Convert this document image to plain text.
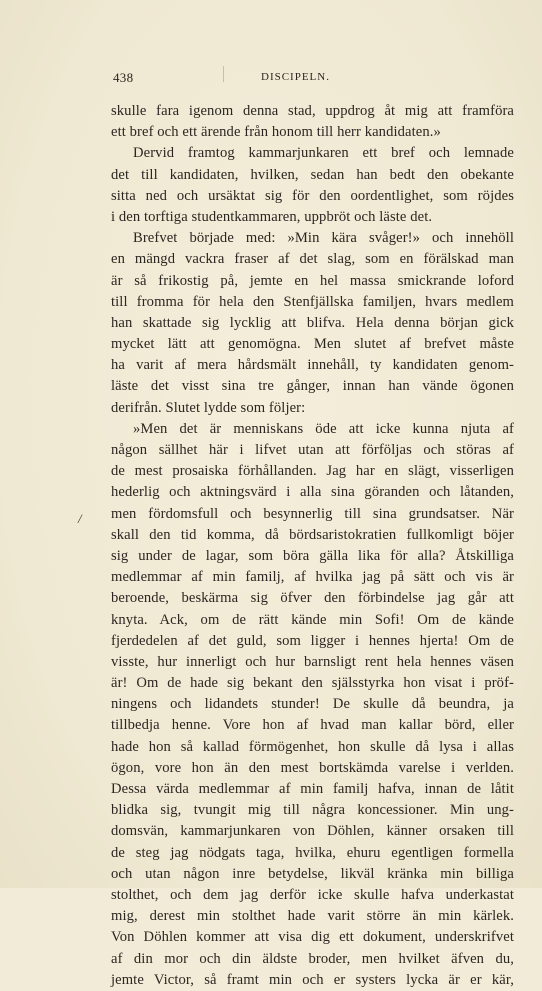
438	DISCIPELN.
/
skulle fara igenom denna stad, uppdrog åt mig att framföra
ett bref och ett ärende från honom till herr kandidaten.»
Dervid framtog kammarjunkaren ett bref och lemnade
det till kandidaten, hvilken, sedan han bedt den obekante
sitta ned och ursäktat sig för den oordentlighet, som röjdes
i den torftiga studentkammaren, uppbröt och läste det.
Brefvet började med: »Min kära svåger!» och innehöll
en mängd vackra fraser af det slag, som en förälskad man
är så frikostig på, jemte en hel massa smickrande loford
till fromma för hela den Stenfjällska familjen, hvars medlem
han skattade sig lycklig att blifva. Hela denna början gick
mycket lätt att genomögna. Men slutet af brefvet måste
ha varit af mera hårdsmält innehåll, ty kandidaten genom-
läste det visst sina tre gånger, innan han vände ögonen
derifrån. Slutet lydde som följer:
»Men det är menniskans öde att icke kunna njuta af
någon sällhet här i lifvet utan att förföljas och störas af
de mest prosaiska förhållanden. Jag har en slägt, visserligen
hederlig och aktningsvärd i alla sina göranden och låtanden,
men fördomsfull och besynnerlig till sina grundsatser. När
skall den tid komma, då bördsaristokratien fullkomligt böjer
sig under de lagar, som böra gälla lika för alla? Åtskilliga
medlemmar af min familj, af hvilka jag på sätt och vis är
beroende, beskärma sig öfver den förbindelse jag går att
knyta. Ack, om de rätt kände min Sofi! Om de kände
fjerdedelen af det guld, som ligger i hennes hjerta! Om de
visste, hur innerligt och hur barnsligt rent hela hennes väsen
är! Om de hade sig bekant den själsstyrka hon visat i pröf-
ningens och lidandets stunder! De skulle då beundra, ja
tillbedja henne. Vore hon af hvad man kallar börd, eller
hade hon så kallad förmögenhet, hon skulle då lysa i allas
ögon, vore hon än den mest bortskämda varelse i verlden.
Dessa värda medlemmar af min familj hafva, innan de låtit
blidka sig, tvungit mig till några koncessioner. Min ung-
domsvän, kammarjunkaren von Döhlen, känner orsaken till
de steg jag nödgats taga, hvilka, ehuru egentligen formella
och utan någon inre betydelse, likväl kränka min billiga
stolthet, och dem jag derför icke skulle hafva underkastat
mig, derest min stolthet hade varit större än min kärlek.
Von Döhlen kommer att visa dig ett dokument, underskrifvet
af din mor och din äldste broder, men hvilket äfven du,
jemte Victor, så framt min och er systers lycka är er kär,
